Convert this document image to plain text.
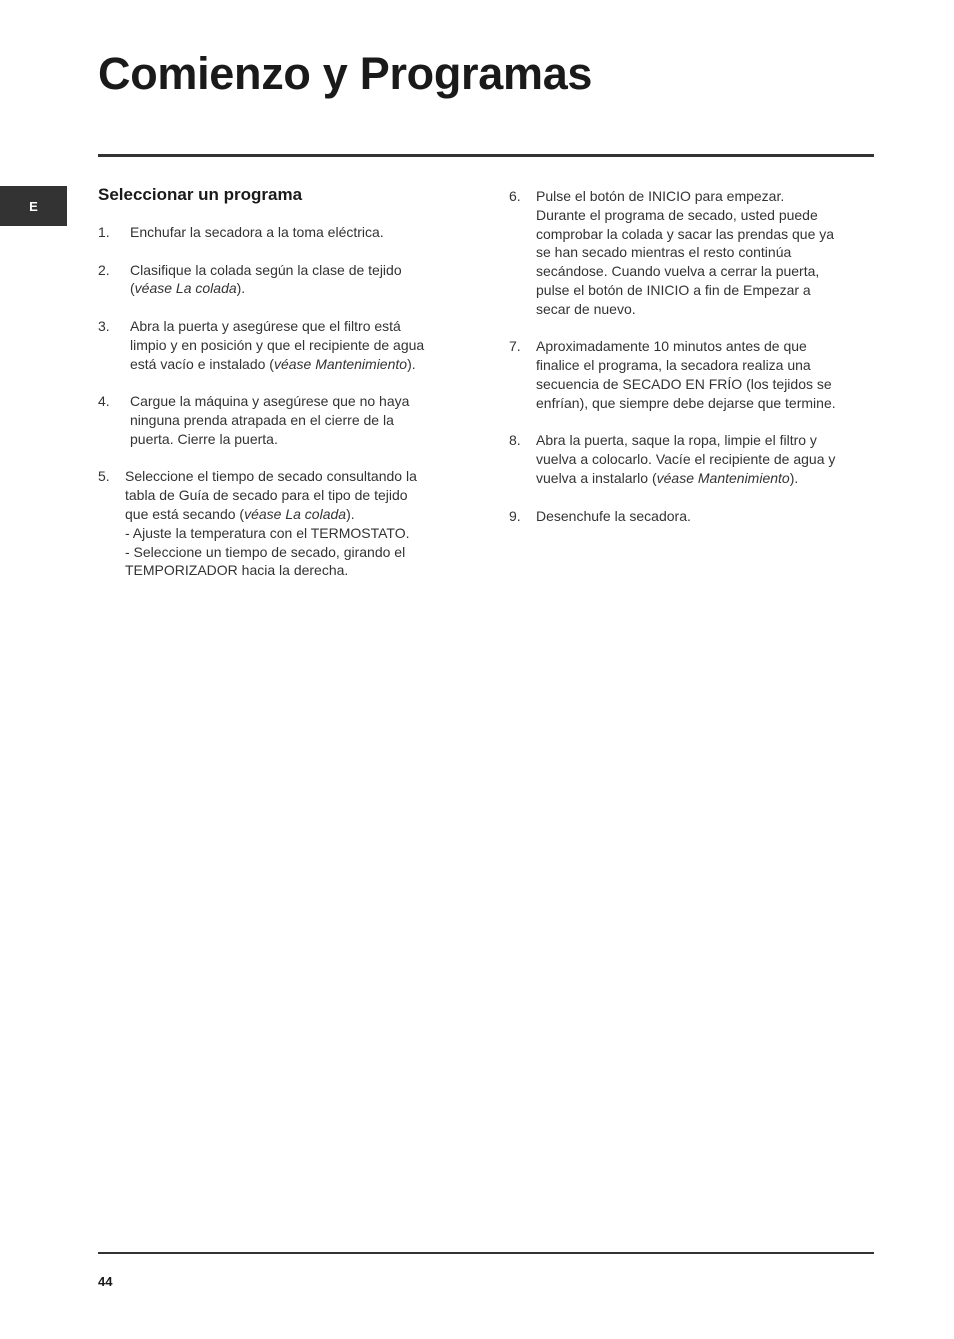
Comienzo y Programas
E
Seleccionar un programa
1. Enchufar la secadora a la toma eléctrica.
2. Clasifique la colada según la clase de tejido
(véase La colada).
3. Abra la puerta y asegúrese que el filtro está
limpio y en posición y que el recipiente de agua
está vacío e instalado (véase Mantenimiento).
4. Cargue la máquina y asegúrese que no haya
ninguna prenda atrapada en el cierre de la
puerta. Cierre la puerta.
5. Seleccione el tiempo de secado consultando la
tabla de Guía de secado para el tipo de tejido
que está secando (véase La colada).
- Ajuste la temperatura con el TERMOSTATO.
- Seleccione un tiempo de secado, girando el
TEMPORIZADOR hacia la derecha.
6. Pulse el botón de INICIO para empezar.
Durante el programa de secado, usted puede
comprobar la colada y sacar las prendas que ya
se han secado mientras el resto continúa
secándose. Cuando vuelva a cerrar la puerta,
pulse el botón de INICIO a fin de Empezar a
secar de nuevo.
7. Aproximadamente 10 minutos antes de que
finalice el programa, la secadora realiza una
secuencia de SECADO EN FRÍO (los tejidos se
enfrían), que siempre debe dejarse que termine.
8. Abra la puerta, saque la ropa, limpie el filtro y
vuelva a colocarlo. Vacíe el recipiente de agua y
vuelva a instalarlo (véase Mantenimiento).
9. Desenchufe la secadora.
44
